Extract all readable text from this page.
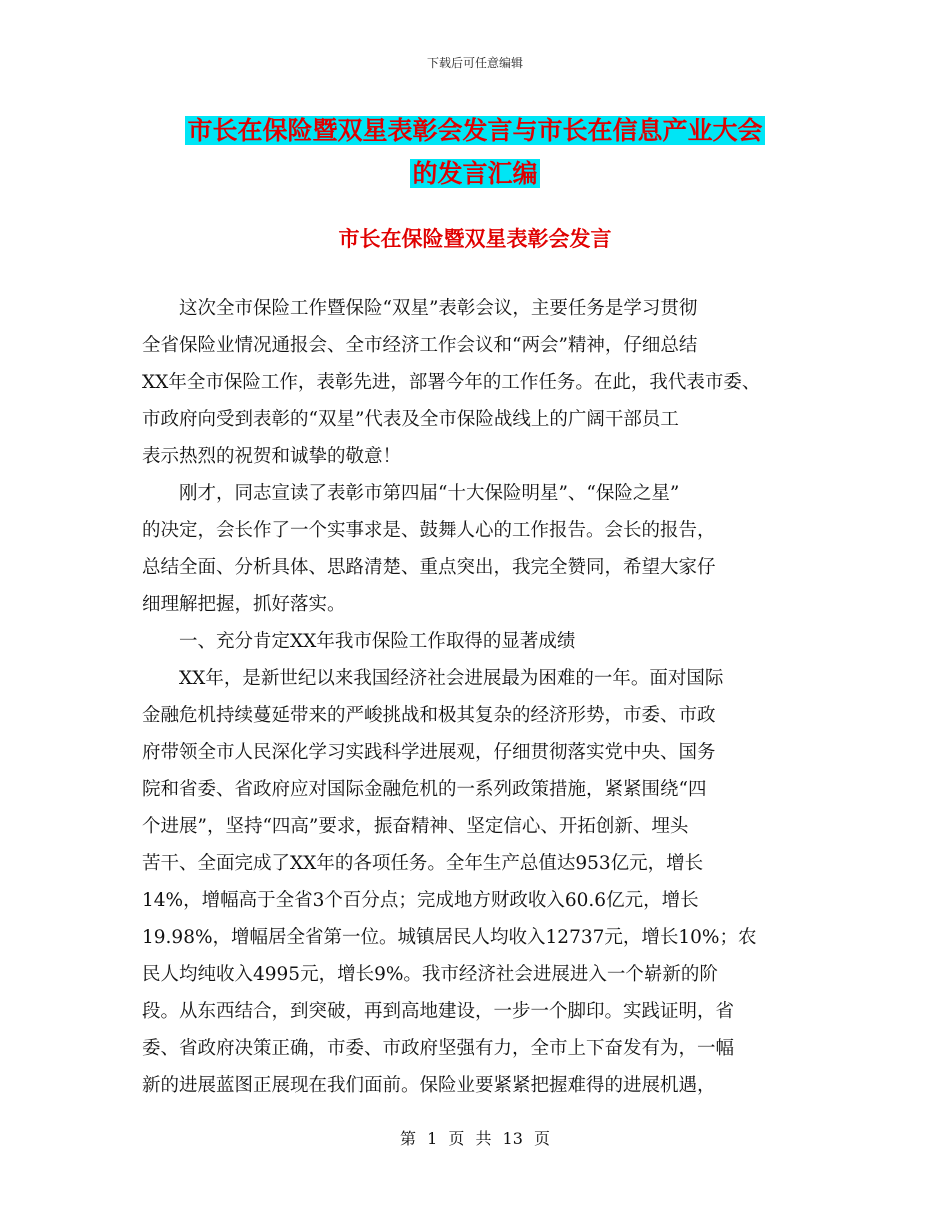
下载后可任意编辑
市长在保险暨双星表彰会发言与市长在信息产业大会
的发言汇编
市长在保险暨双星表彰会发言
　　这次全市保险工作暨保险“双星”表彰会议，主要任务是学习贯彻
全省保险业情况通报会、全市经济工作会议和“两会”精神，仔细总结
XX年全市保险工作，表彰先进，部署今年的工作任务。在此，我代表市委、
市政府向受到表彰的“双星”代表及全市保险战线上的广阔干部员工
表示热烈的祝贺和诚挚的敬意！
　　刚才，同志宣读了表彰市第四届“十大保险明星”、“保险之星”
的决定，会长作了一个实事求是、鼓舞人心的工作报告。会长的报告，
总结全面、分析具体、思路清楚、重点突出，我完全赞同，希望大家仔
细理解把握，抓好落实。
　　一、充分肯定XX年我市保险工作取得的显著成绩
　　XX年，是新世纪以来我国经济社会进展最为困难的一年。面对国际
金融危机持续蔓延带来的严峻挑战和极其复杂的经济形势，市委、市政
府带领全市人民深化学习实践科学进展观，仔细贯彻落实党中央、国务
院和省委、省政府应对国际金融危机的一系列政策措施，紧紧围绕“四
个进展”，坚持“四高”要求，振奋精神、坚定信心、开拓创新、埋头
苦干、全面完成了XX年的各项任务。全年生产总值达953亿元，增长
14%，增幅高于全省3个百分点；完成地方财政收入60.6亿元，增长
19.98%，增幅居全省第一位。城镇居民人均收入12737元，增长10%；农
民人均纯收入4995元，增长9%。我市经济社会进展进入一个崭新的阶
段。从东西结合，到突破，再到高地建设，一步一个脚印。实践证明，省
委、省政府决策正确，市委、市政府坚强有力，全市上下奋发有为，一幅
新的进展蓝图正展现在我们面前。保险业要紧紧把握难得的进展机遇，
第 1 页 共 13 页
